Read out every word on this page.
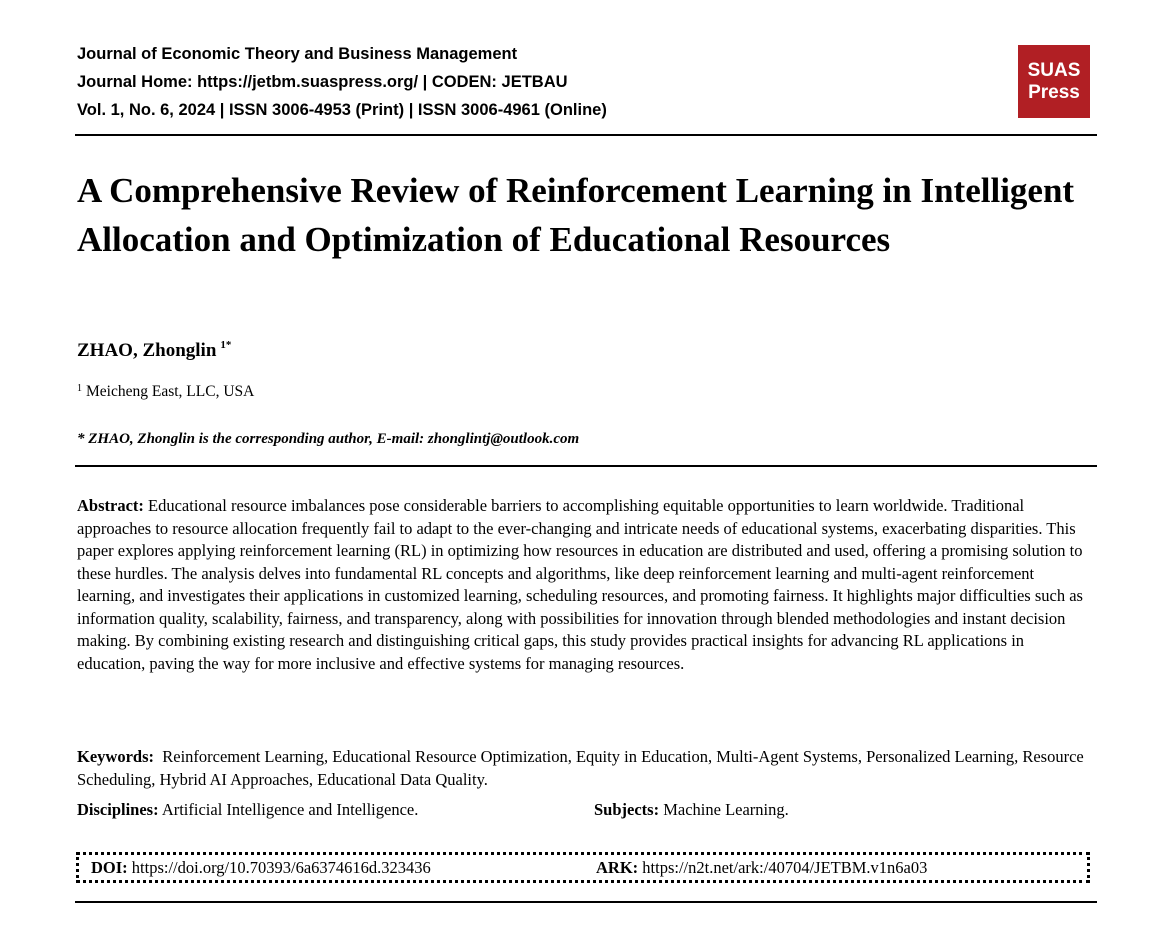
Journal of Economic Theory and Business Management
Journal Home: https://jetbm.suaspress.org/ | CODEN: JETBAU
Vol. 1, No. 6, 2024 | ISSN 3006-4953 (Print) | ISSN 3006-4961 (Online)
SUAS
Press
A Comprehensive Review of Reinforcement Learning in Intelligent Allocation and Optimization of Educational Resources
ZHAO, Zhonglin $^{1*}$
$^1$ Meicheng East, LLC, USA
* ZHAO, Zhonglin is the corresponding author, E-mail: zhonglintj@outlook.com

Abstract: Educational resource imbalances pose considerable barriers to accomplishing equitable opportunities to learn worldwide. Traditional approaches to resource allocation frequently fail to adapt to the ever-changing and intricate needs of educational systems, exacerbating disparities. This paper explores applying reinforcement learning (RL) in optimizing how resources in education are distributed and used, offering a promising solution to these hurdles. The analysis delves into fundamental RL concepts and algorithms, like deep reinforcement learning and multi-agent reinforcement learning, and investigates their applications in customized learning, scheduling resources, and promoting fairness. It highlights major difficulties such as information quality, scalability, fairness, and transparency, along with possibilities for innovation through blended methodologies and instant decision making. By combining existing research and distinguishing critical gaps, this study provides practical insights for advancing RL applications in education, paving the way for more inclusive and effective systems for managing resources.

Keywords: Reinforcement Learning, Educational Resource Optimization, Equity in Education, Multi-Agent Systems, Personalized Learning, Resource Scheduling, Hybrid AI Approaches, Educational Data Quality.

Disciplines: Artificial Intelligence and Intelligence.	Subjects: Machine Learning.
DOI: https://doi.org/10.70393/6a6374616d.323436	ARK: https://n2t.net/ark:/40704/JETBM.v1n6a03
